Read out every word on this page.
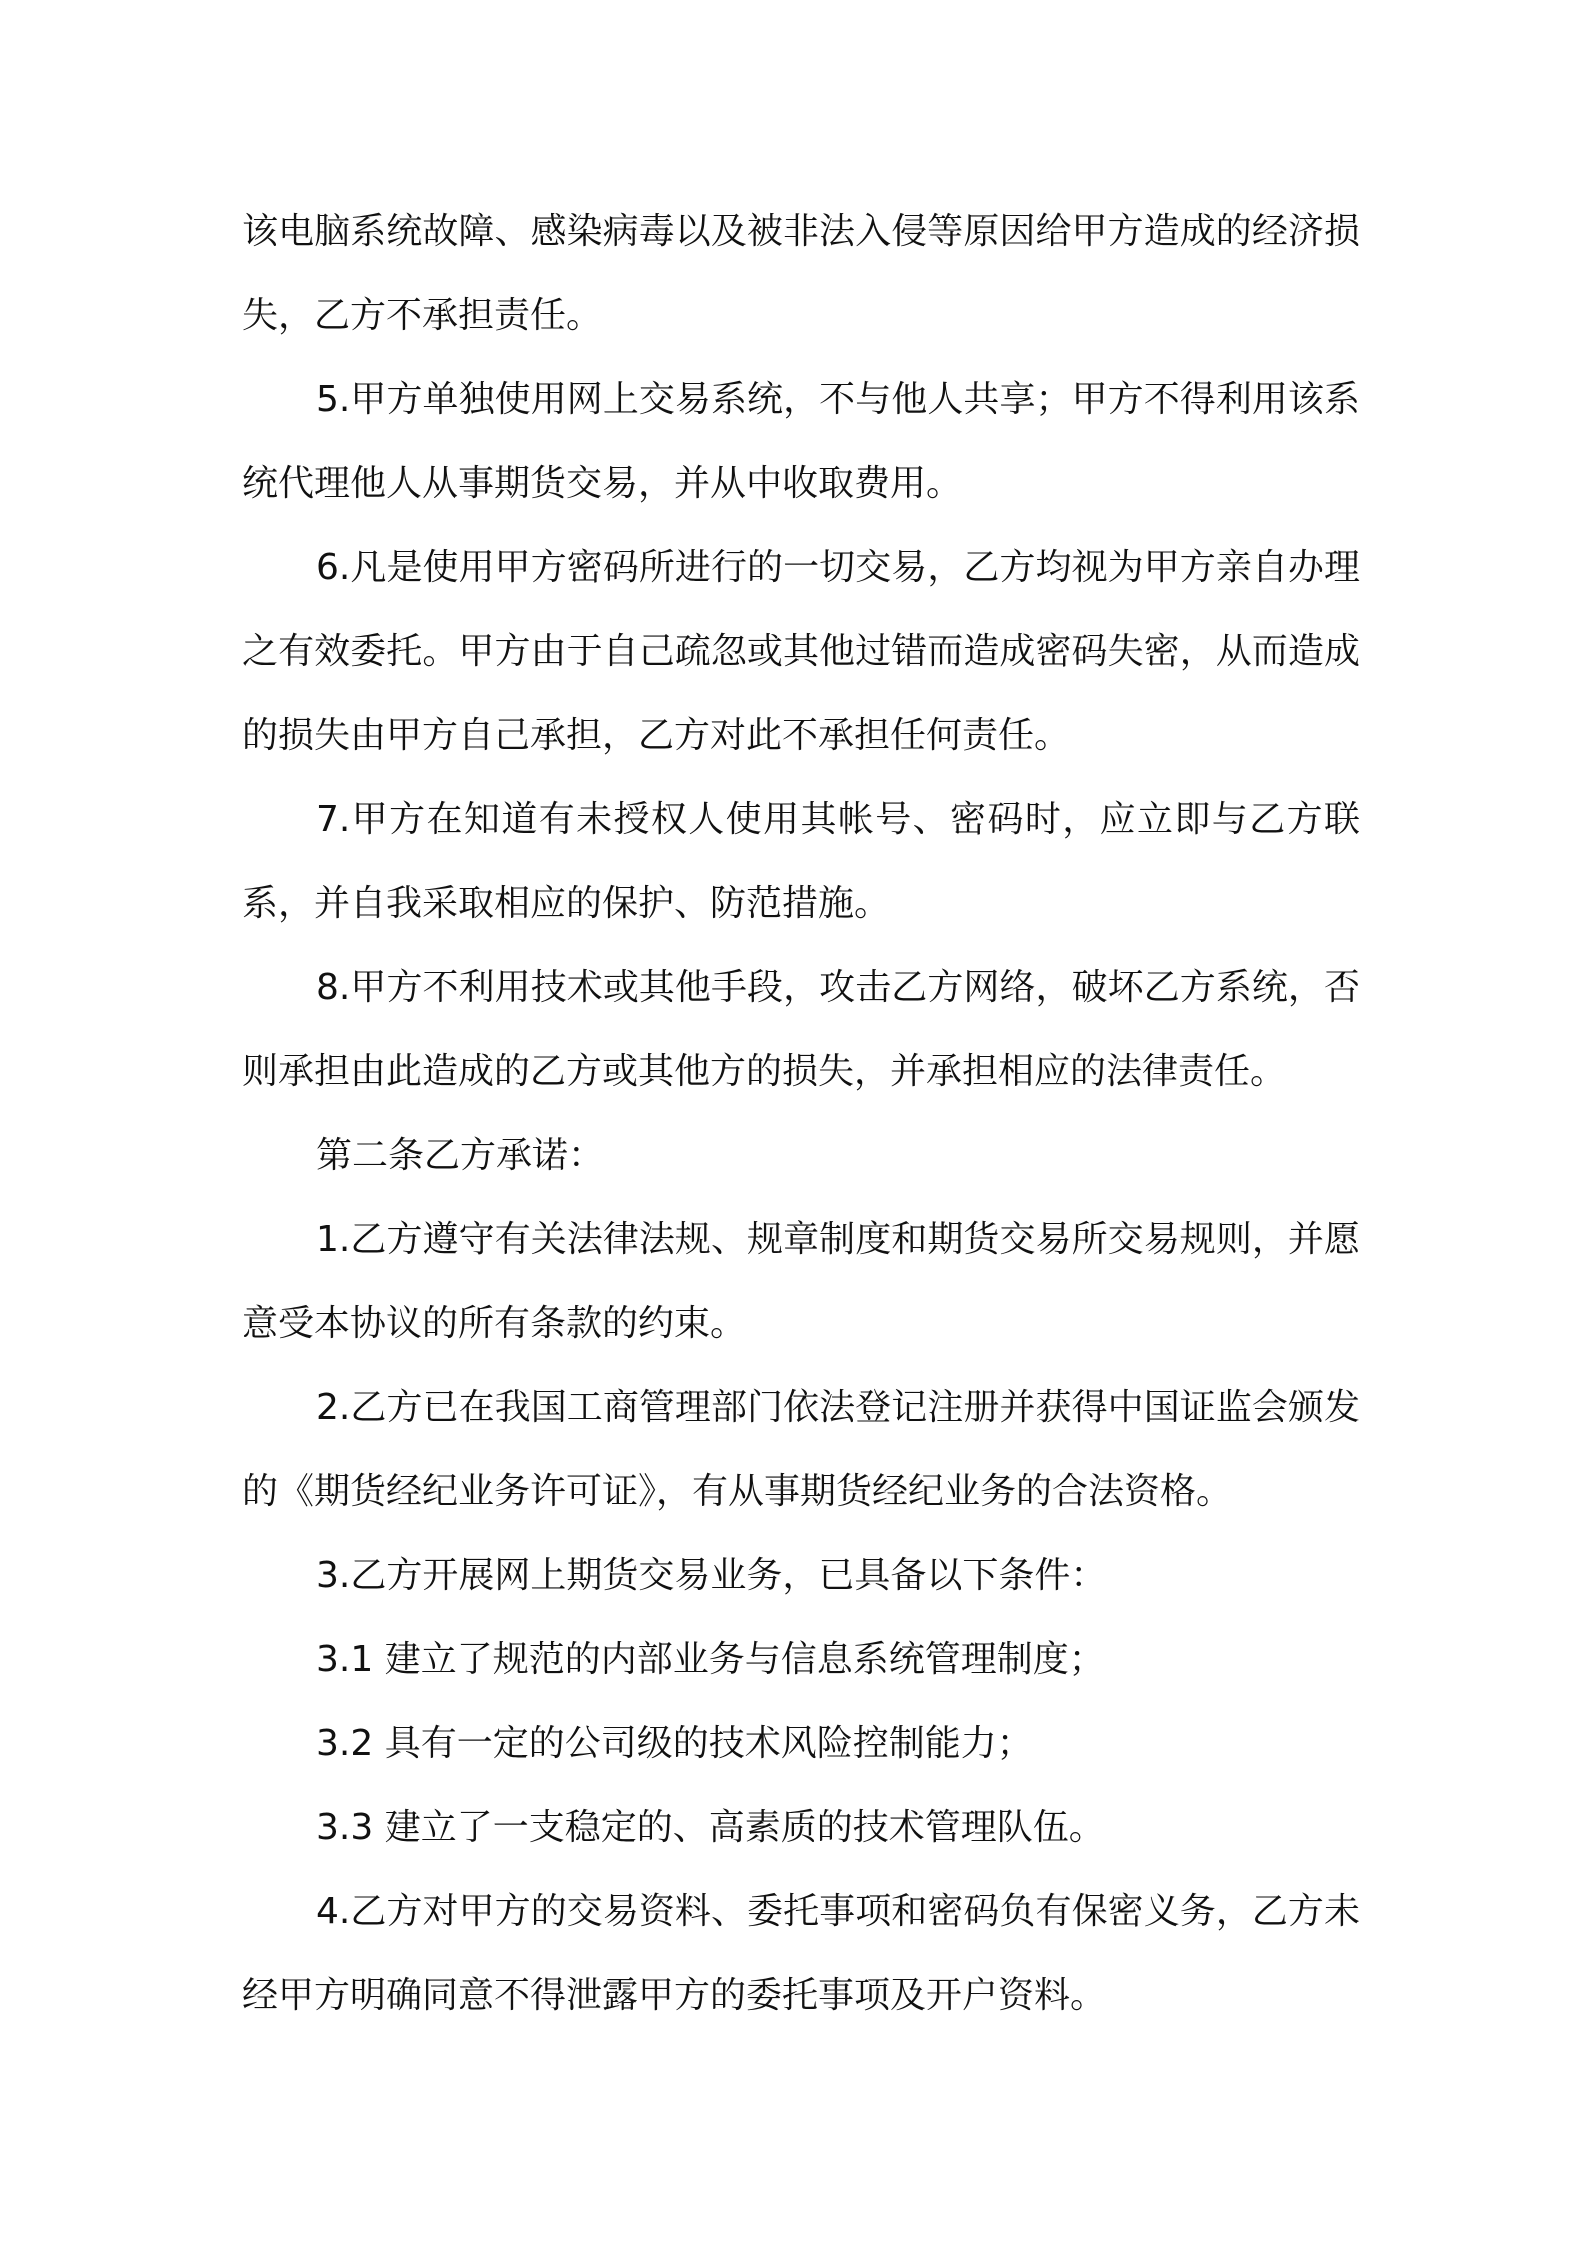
该电脑系统故障、感染病毒以及被非法入侵等原因给甲方造成的经济损失，乙方不承担责任。

5.甲方单独使用网上交易系统，不与他人共享；甲方不得利用该系统代理他人从事期货交易，并从中收取费用。

6.凡是使用甲方密码所进行的一切交易，乙方均视为甲方亲自办理之有效委托。甲方由于自己疏忽或其他过错而造成密码失密，从而造成的损失由甲方自己承担，乙方对此不承担任何责任。

7.甲方在知道有未授权人使用其帐号、密码时，应立即与乙方联系，并自我采取相应的保护、防范措施。

8.甲方不利用技术或其他手段，攻击乙方网络，破坏乙方系统，否则承担由此造成的乙方或其他方的损失，并承担相应的法律责任。

第二条乙方承诺：

1.乙方遵守有关法律法规、规章制度和期货交易所交易规则，并愿意受本协议的所有条款的约束。

2.乙方已在我国工商管理部门依法登记注册并获得中国证监会颁发的《期货经纪业务许可证》，有从事期货经纪业务的合法资格。

3.乙方开展网上期货交易业务，已具备以下条件：

3.1 建立了规范的内部业务与信息系统管理制度；

3.2 具有一定的公司级的技术风险控制能力；

3.3 建立了一支稳定的、高素质的技术管理队伍。

4.乙方对甲方的交易资料、委托事项和密码负有保密义务，乙方未经甲方明确同意不得泄露甲方的委托事项及开户资料。
